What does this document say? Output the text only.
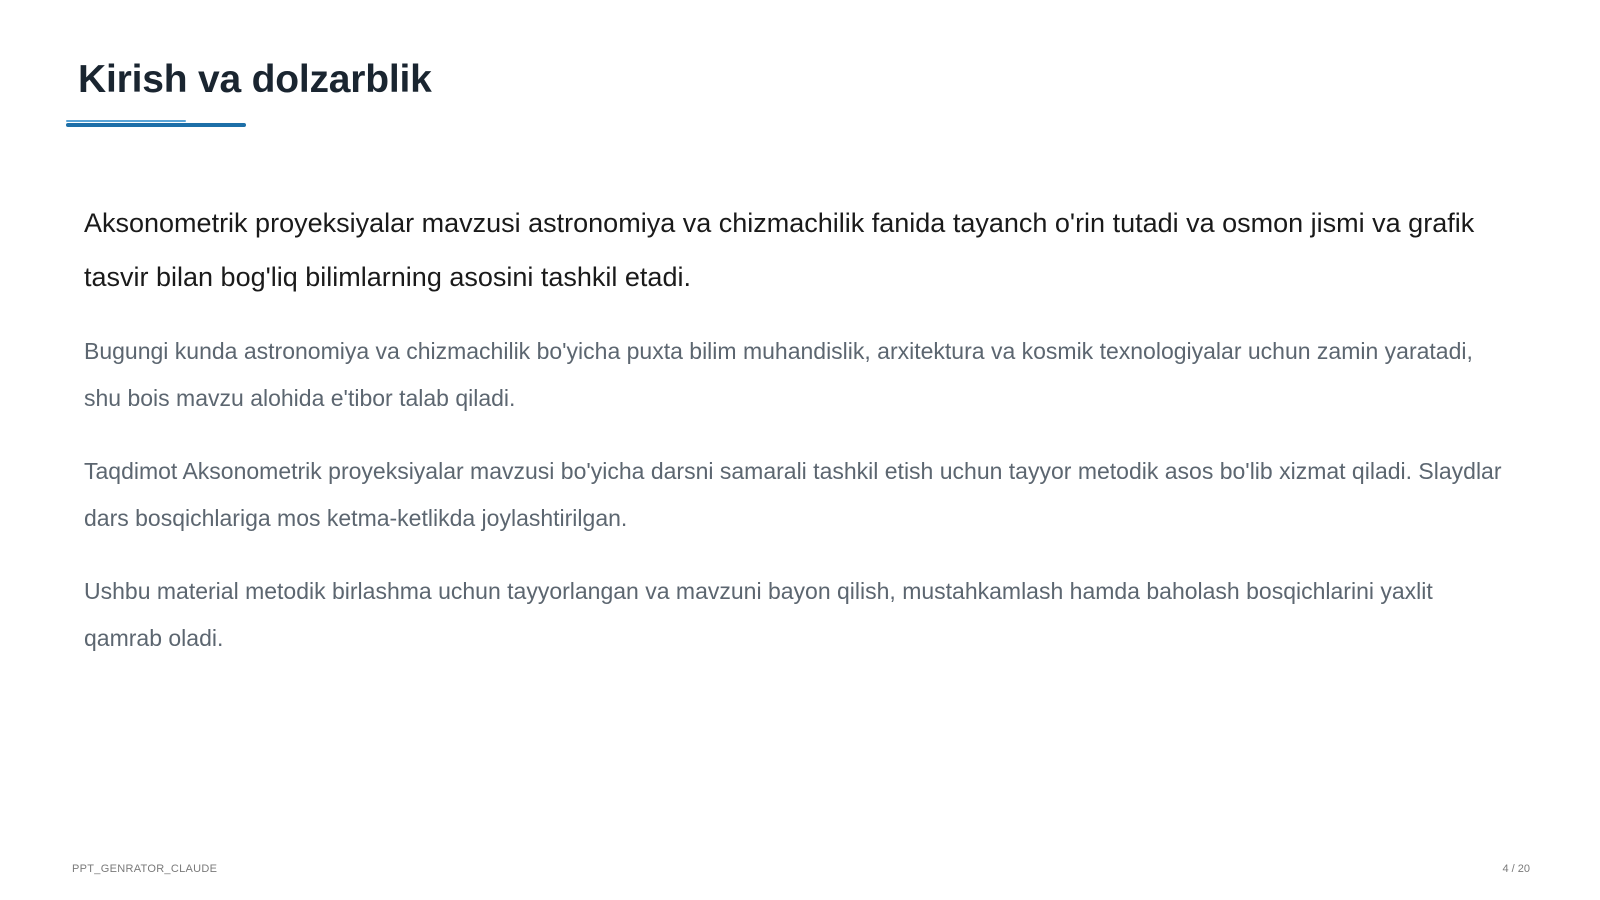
Kirish va dolzarblik

Aksonometrik proyeksiyalar mavzusi astronomiya va chizmachilik fanida tayanch o'rin tutadi va osmon jismi va grafik tasvir bilan bog'liq bilimlarning asosini tashkil etadi.

Bugungi kunda astronomiya va chizmachilik bo'yicha puxta bilim muhandislik, arxitektura va kosmik texnologiyalar uchun zamin yaratadi, shu bois mavzu alohida e'tibor talab qiladi.

Taqdimot Aksonometrik proyeksiyalar mavzusi bo'yicha darsni samarali tashkil etish uchun tayyor metodik asos bo'lib xizmat qiladi. Slaydlar dars bosqichlariga mos ketma-ketlikda joylashtirilgan.

Ushbu material metodik birlashma uchun tayyorlangan va mavzuni bayon qilish, mustahkamlash hamda baholash bosqichlarini yaxlit qamrab oladi.

PPT_GENRATOR_CLAUDE	4 / 20
